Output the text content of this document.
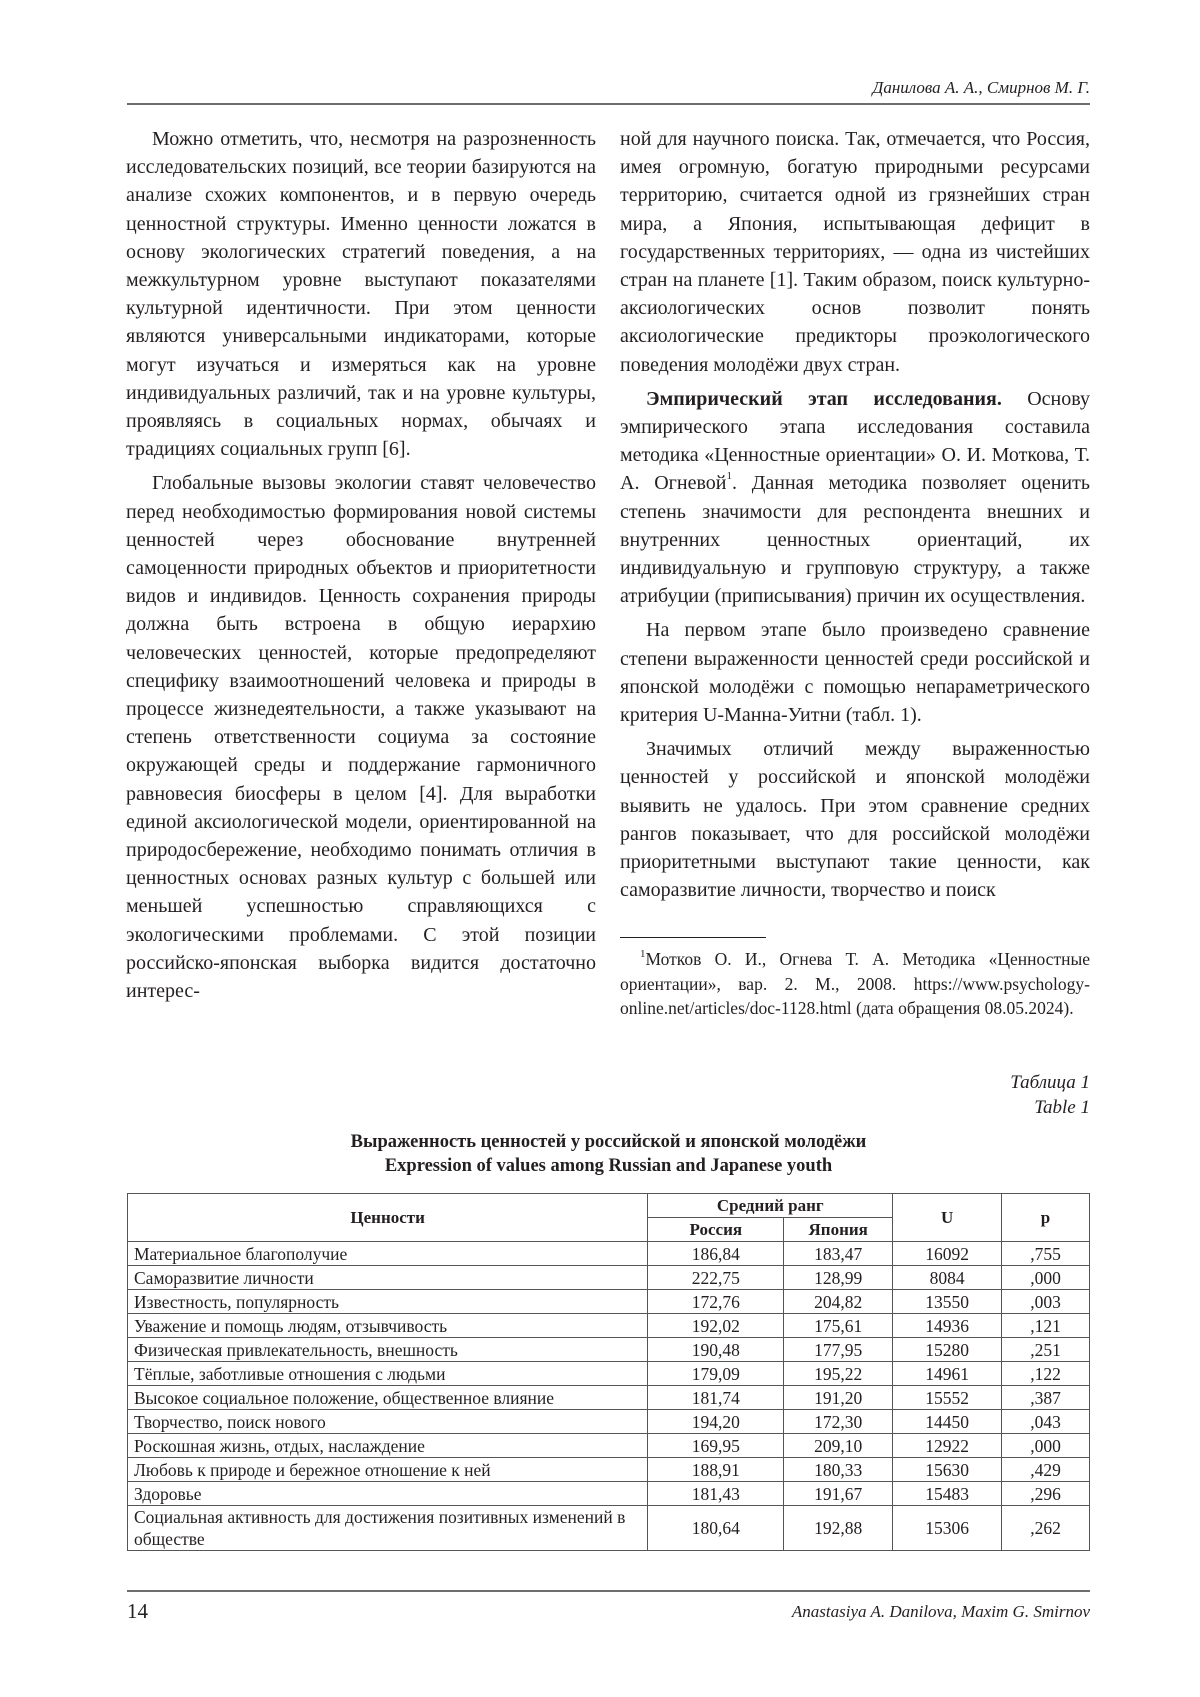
Данилова А. А., Смирнов М. Г.

Можно отметить, что, несмотря на разрозненность исследовательских позиций, все теории базируются на анализе схожих компонентов, и в первую очередь ценностной структуры. Именно ценности ложатся в основу экологических стратегий поведения, а на межкультурном уровне выступают показателями культурной идентичности. При этом ценности являются универсальными индикаторами, которые могут изучаться и измеряться как на уровне индивидуальных различий, так и на уровне культуры, проявляясь в социальных нормах, обычаях и традициях социальных групп [6].

Глобальные вызовы экологии ставят человечество перед необходимостью формирования новой системы ценностей через обоснование внутренней самоценности природных объектов и приоритетности видов и индивидов. Ценность сохранения природы должна быть встроена в общую иерархию человеческих ценностей, которые предопределяют специфику взаимоотношений человека и природы в процессе жизнедеятельности, а также указывают на степень ответственности социума за состояние окружающей среды и поддержание гармоничного равновесия биосферы в целом [4]. Для выработки единой аксиологической модели, ориентированной на природосбережение, необходимо понимать отличия в ценностных основах разных культур с большей или меньшей успешностью справляющихся с экологическими проблемами. С этой позиции российско-японская выборка видится достаточно интерес-

ной для научного поиска. Так, отмечается, что Россия, имея огромную, богатую природными ресурсами территорию, считается одной из грязнейших стран мира, а Япония, испытывающая дефицит в государственных территориях, — одна из чистейших стран на планете [1]. Таким образом, поиск культурно-аксиологических основ позволит понять аксиологические предикторы проэкологического поведения молодёжи двух стран.

Эмпирический этап исследования. Основу эмпирического этапа исследования составила методика «Ценностные ориентации» О. И. Моткова, Т. А. Огневой$^1$. Данная методика позволяет оценить степень значимости для респондента внешних и внутренних ценностных ориентаций, их индивидуальную и групповую структуру, а также атрибуции (приписывания) причин их осуществления.

На первом этапе было произведено сравнение степени выраженности ценностей среди российской и японской молодёжи с помощью непараметрического критерия U-Манна-Уитни (табл. 1).

Значимых отличий между выраженностью ценностей у российской и японской молодёжи выявить не удалось. При этом сравнение средних рангов показывает, что для российской молодёжи приоритетными выступают такие ценности, как саморазвитие личности, творчество и поиск

$^1$Мотков О. И., Огнева Т. А. Методика «Ценностные ориентации», вар. 2. М., 2008. https://www.psychology-online.net/articles/doc-1128.html (дата обращения 08.05.2024).
Таблица 1
Table 1
Выраженность ценностей у российской и японской молодёжи
Expression of values among Russian and Japanese youth
Ценности	Средний ранг		U	p
	Россия	Япония		
Материальное благополучие	186,84	183,47	16092	,755
Саморазвитие личности	222,75	128,99	8084	,000
Известность, популярность	172,76	204,82	13550	,003
Уважение и помощь людям, отзывчивость	192,02	175,61	14936	,121
Физическая привлекательность, внешность	190,48	177,95	15280	,251
Тёплые, заботливые отношения с людьми	179,09	195,22	14961	,122
Высокое социальное положение, общественное влияние	181,74	191,20	15552	,387
Творчество, поиск нового	194,20	172,30	14450	,043
Роскошная жизнь, отдых, наслаждение	169,95	209,10	12922	,000
Любовь к природе и бережное отношение к ней	188,91	180,33	15630	,429
Здоровье	181,43	191,67	15483	,296
Социальная активность для достижения позитивных изменений в обществе	180,64	192,88	15306	,262
14	Anastasiya A. Danilova, Maxim G. Smirnov
